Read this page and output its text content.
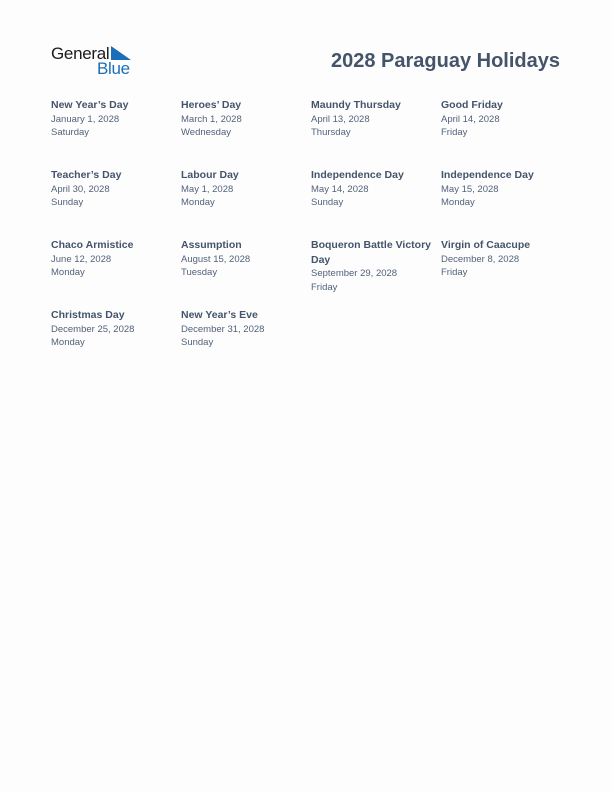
General
Blue	2028 Paraguay Holidays
New Year’s Day
January 1, 2028
Saturday
Heroes’ Day
March 1, 2028
Wednesday
Maundy Thursday
April 13, 2028
Thursday
Good Friday
April 14, 2028
Friday
Teacher’s Day
April 30, 2028
Sunday
Labour Day
May 1, 2028
Monday
Independence Day
May 14, 2028
Sunday
Independence Day
May 15, 2028
Monday
Chaco Armistice
June 12, 2028
Monday
Assumption
August 15, 2028
Tuesday
Boqueron Battle Victory Day
September 29, 2028
Friday
Virgin of Caacupe
December 8, 2028
Friday
Christmas Day
December 25, 2028
Monday
New Year’s Eve
December 31, 2028
Sunday
